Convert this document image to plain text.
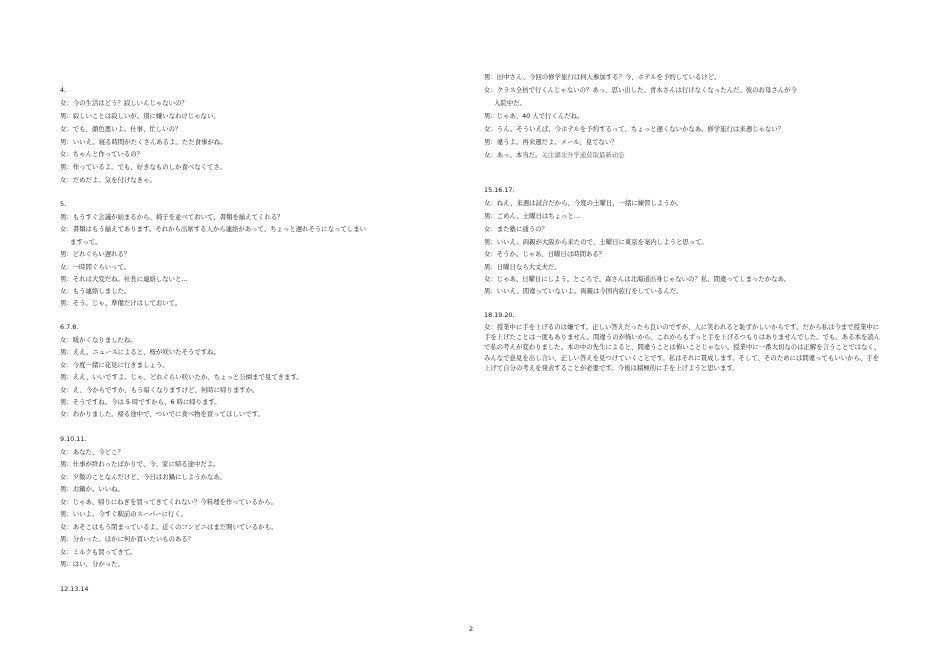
4.
女：今の生活はどう？寂しいんじゃないの？
男：寂しいことは寂しいが、別に嫌いなわけじゃない。
女：でも、顔色悪いよ。仕事、忙しいの？
男：いいえ。寝る時間がたくさんあるよ。ただ食事がね。
女：ちゃんと作っているの？
男：作っているよ。でも、好きなものしか食べなくてさ。
女：だめだよ。気を付けなきゃ。
5.
男：もうすぐ会議が始まるから、椅子を並べておいて、書類を揃えてくれる？
女：書類はもう揃えてあります。それから出席する人から連絡があって、ちょっと遅れそうになってしまい
ますって。
男：どれぐらい遅れる？
女：一時間ぐらいって。
男：それは大変だね。社長に連絡しないと…
女：もう連絡しました。
男：そう。じゃ、準備だけはしておいて。
6.7.8.
女：暖かくなりましたね。
男：ええ。ニュースによると、桜が咲いたそうですね。
女：今度一緒に花見に行きましょう。
男：ええ、いいですよ。じゃ、どれぐらい咲いたか、ちょっと公園まで見てきます。
女：え、今からですか、もう暗くなりますけど、何時に帰りますか。
男：そうですね。今は 5 時ですから、6 時に帰ります。
女：わかりました。帰る途中で、ついでに食べ物を買ってほしいです。
9.10.11.
女：あなた、今どこ？
男：仕事が終わったばかりで、今、家に帰る途中だよ。
女：夕飯のことなんだけど、今日はお鍋にしようかなあ。
男：お鍋か。いいね。
女：じゃあ、帰りにねぎを買ってきてくれない？今料理を作っているから。
男：いいよ。今すぐ駅前のスーパーに行く。
女：あそこはもう閉まっているよ。近くのコンビニはまだ開いているかも。
男：分かった。ほかに何か買いたいものある？
女：ミルクも買ってきて。
男：はい、分かった。
12.13.14
男：田中さん、今回の修学旅行は何人参加する？今、ホテルを予約しているけど。
女：クラス全員で行くんじゃないの？あっ、思い出した。青木さんは行けなくなったんだ。彼のお母さんが今
入院中だ。
男：じゃあ、40 人で行くんだね。
女：うん。そういえば、今ホテルを予約するって、ちょっと遅くないかなあ。修学旅行は来週じゃない？
男：違うよ。再来週だよ。メール、見てない？
女：あっ、本当だ。关注湖北升学通获取最新动态
15.16.17.
女：ねえ、来週は試合だから、今度の土曜日、一緒に練習しようか。
男：ごめん、土曜日はちょっと…
女：また塾に通うの？
男：いいえ。両親が大阪から来たので、土曜日に東京を案内しようと思って。
女：そうか。じゃあ、日曜日は時間ある？
男：日曜日なら大丈夫だ。
女：じゃあ、日曜日にしよう。ところで、森さんは北海道出身じゃないの？私、間違ってしまったかなあ。
男：いいえ、間違っていないよ。両親は今国内旅行をしているんだ。
18.19.20.

女：授業中に手を上げるのは嫌です。正しい答えだったら良いのですが、人に笑われると恥ずかしいからです。だから私は今まで授業中に手を上げたことは一度もありません。間違うのが怖いから、これからもずっと手を上げるつもりはありませんでした。でも、ある本を読んで私の考えが変わりました。本の中の先生によると、間違うことは怖いことじゃない。授業中に一番大切なのは正解を言うことではなく、みんなで意見を出し合い、正しい答えを見つけていくことです。私はそれに賛成します。そして、そのためには間違ってもいいから、手を上げて自分の考えを発表することが必要です。今後は積極的に手を上げようと思います。

2
